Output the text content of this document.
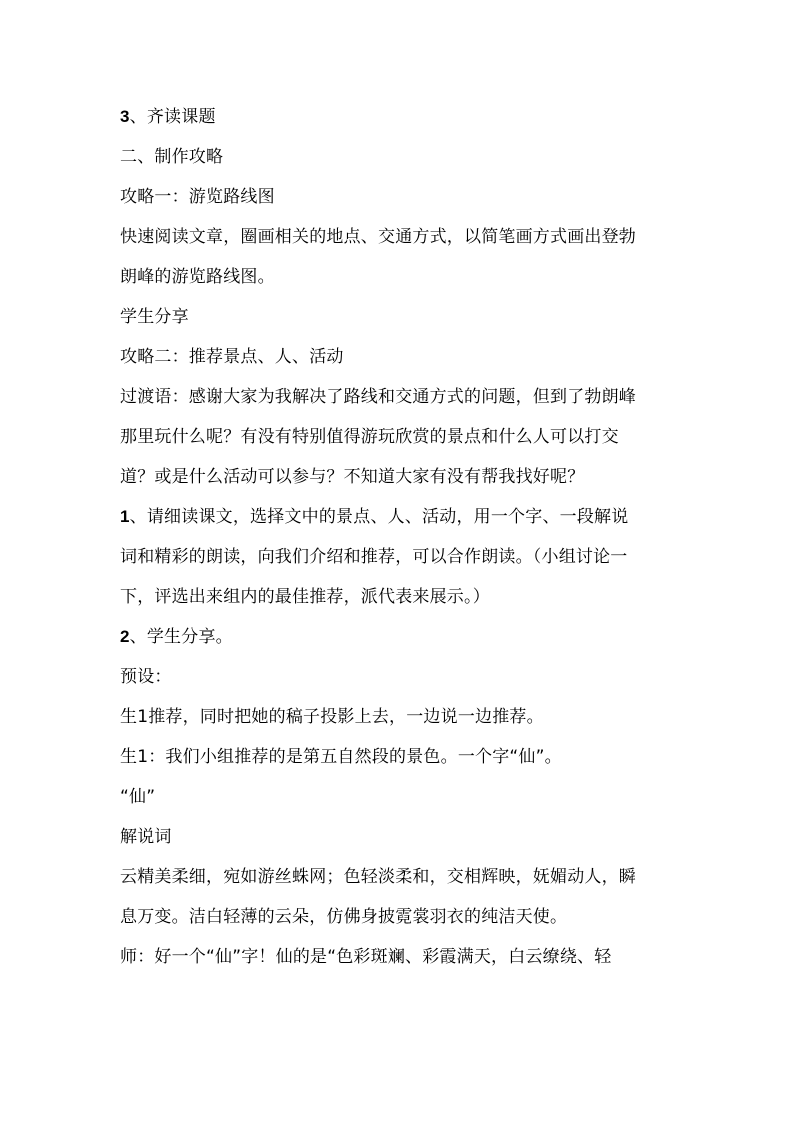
3、齐读课题
二、制作攻略
攻略一：游览路线图
快速阅读文章，圈画相关的地点、交通方式，以简笔画方式画出登勃
朗峰的游览路线图。
学生分享
攻略二：推荐景点、人、活动
过渡语：感谢大家为我解决了路线和交通方式的问题，但到了勃朗峰
那里玩什么呢？有没有特别值得游玩欣赏的景点和什么人可以打交
道？或是什么活动可以参与？不知道大家有没有帮我找好呢？
1、请细读课文，选择文中的景点、人、活动，用一个字、一段解说
词和精彩的朗读，向我们介绍和推荐，可以合作朗读。（小组讨论一
下，评选出来组内的最佳推荐，派代表来展示。）
2、学生分享。
预设：
生1推荐，同时把她的稿子投影上去，一边说一边推荐。
生1：我们小组推荐的是第五自然段的景色。一个字“仙”。
“仙”
解说词
云精美柔细，宛如游丝蛛网；色轻淡柔和，交相辉映，妩媚动人，瞬
息万变。洁白轻薄的云朵，仿佛身披霓裳羽衣的纯洁天使。
师：好一个“仙”字！仙的是“色彩斑斓、彩霞满天，白云缭绕、轻
